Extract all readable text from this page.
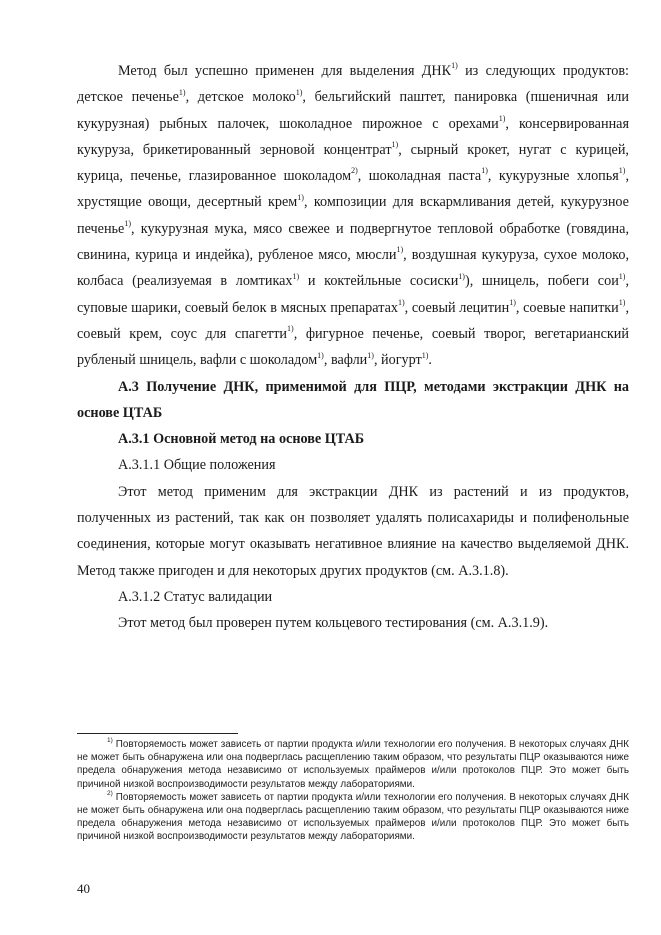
Метод был успешно применен для выделения ДНК$^{1)}$ из следующих продуктов: детское печенье$^{1)}$, детское молоко$^{1)}$, бельгийский паштет, панировка (пшеничная или кукурузная) рыбных палочек, шоколадное пирожное с орехами$^{1)}$, консервированная кукуруза, брикетированный зерновой концентрат$^{1)}$, сырный крокет, нугат с курицей, курица, печенье, глазированное шоколадом$^{2)}$, шоколадная паста$^{1)}$, кукурузные хлопья$^{1)}$, хрустящие овощи, десертный крем$^{1)}$, композиции для вскармливания детей, кукурузное печенье$^{1)}$, кукурузная мука, мясо свежее и подвергнутое тепловой обработке (говядина, свинина, курица и индейка), рубленое мясо, мюсли$^{1)}$, воздушная кукуруза, сухое молоко, колбаса (реализуемая в ломтиках$^{1)}$ и коктейльные сосиски$^{1)}$), шницель, побеги сои$^{1)}$, суповые шарики, соевый белок в мясных препаратах$^{1)}$, соевый лецитин$^{1)}$, соевые напитки$^{1)}$, соевый крем, соус для спагетти$^{1)}$, фигурное печенье, соевый творог, вегетарианский рубленый шницель, вафли с шоколадом$^{1)}$, вафли$^{1)}$, йогурт$^{1)}$.

А.3 Получение ДНК, применимой для ПЦР, методами экстракции ДНК на основе ЦТАБ

А.3.1 Основной метод на основе ЦТАБ

А.3.1.1 Общие положения

Этот метод применим для экстракции ДНК из растений и из продуктов, полученных из растений, так как он позволяет удалять полисахариды и полифенольные соединения, которые могут оказывать негативное влияние на качество выделяемой ДНК. Метод также пригоден и для некоторых других продуктов (см. А.3.1.8).

А.3.1.2 Статус валидации

Этот метод был проверен путем кольцевого тестирования (см. А.3.1.9).

$^{1)}$ Повторяемость может зависеть от партии продукта и/или технологии его получения. В некоторых случаях ДНК не может быть обнаружена или она подверглась расщеплению таким образом, что результаты ПЦР оказываются ниже предела обнаружения метода независимо от используемых праймеров и/или протоколов ПЦР. Это может быть причиной низкой воспроизводимости результатов между лабораториями.

$^{2)}$ Повторяемость может зависеть от партии продукта и/или технологии его получения. В некоторых случаях ДНК не может быть обнаружена или она подверглась расщеплению таким образом, что результаты ПЦР оказываются ниже предела обнаружения метода независимо от используемых праймеров и/или протоколов ПЦР. Это может быть причиной низкой воспроизводимости результатов между лабораториями.

40
